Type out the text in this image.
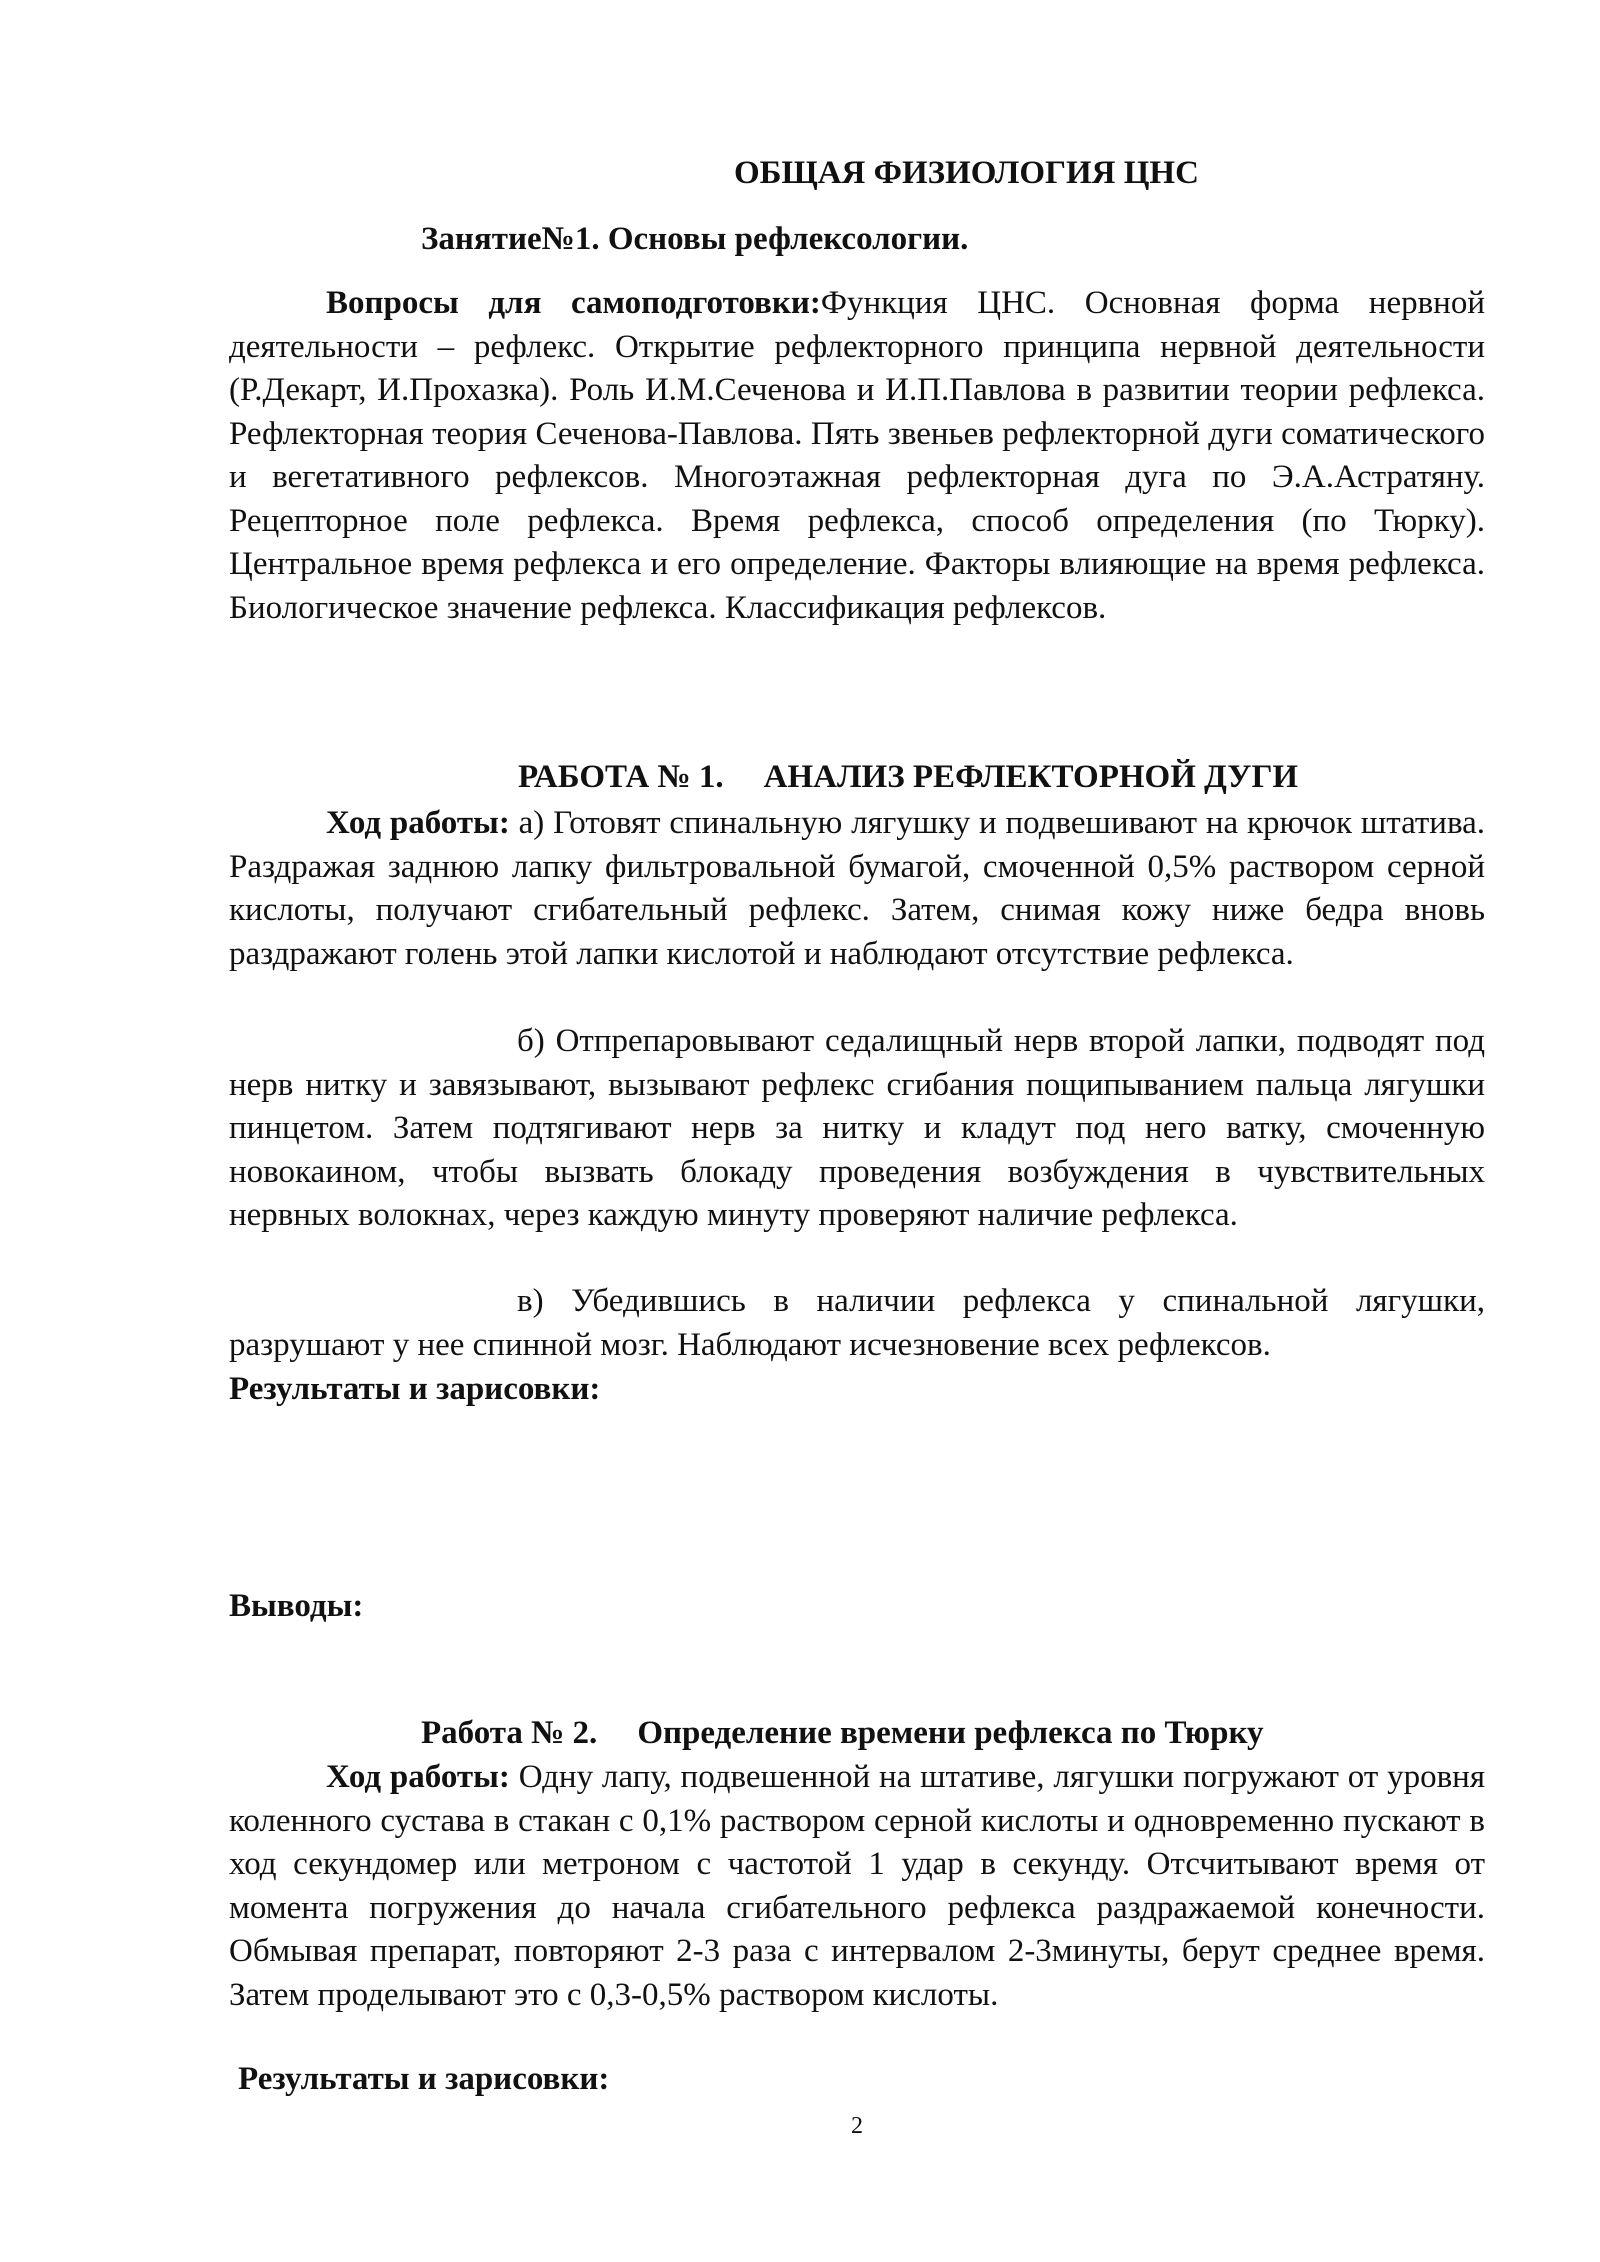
ОБЩАЯ ФИЗИОЛОГИЯ ЦНС

Занятие№1. Основы рефлексологии.

Вопросы для самоподготовки:Функция ЦНС. Основная форма нервной деятельности – рефлекс. Открытие рефлекторного принципа нервной деятельности (Р.Декарт, И.Прохазка). Роль И.М.Сеченова и И.П.Павлова в развитии теории рефлекса. Рефлекторная теория Сеченова-Павлова. Пять звеньев рефлекторной дуги соматического и вегетативного рефлексов. Многоэтажная рефлекторная дуга по Э.А.Астратяну. Рецепторное поле рефлекса. Время рефлекса, способ определения (по Тюрку). Центральное время рефлекса и его определение. Факторы влияющие на время рефлекса. Биологическое значение рефлекса. Классификация рефлексов.

РАБОТА № 1. АНАЛИЗ РЕФЛЕКТОРНОЙ ДУГИ

Ход работы: а) Готовят спинальную лягушку и подвешивают на крючок штатива. Раздражая заднюю лапку фильтровальной бумагой, смоченной 0,5% раствором серной кислоты, получают сгибательный рефлекс. Затем, снимая кожу ниже бедра вновь раздражают голень этой лапки кислотой и наблюдают отсутствие рефлекса.

б) Отпрепаровывают седалищный нерв второй лапки, подводят под нерв нитку и завязывают, вызывают рефлекс сгибания пощипыванием пальца лягушки пинцетом. Затем подтягивают нерв за нитку и кладут под него ватку, смоченную новокаином, чтобы вызвать блокаду проведения возбуждения в чувствительных нервных волокнах, через каждую минуту проверяют наличие рефлекса.

в) Убедившись в наличии рефлекса у спинальной лягушки, разрушают у нее спинной мозг. Наблюдают исчезновение всех рефлексов.

Результаты и зарисовки:

Выводы:

Работа № 2. Определение времени рефлекса по Тюрку

Ход работы: Одну лапу, подвешенной на штативе, лягушки погружают от уровня коленного сустава в стакан с 0,1% раствором серной кислоты и одновременно пускают в ход секундомер или метроном с частотой 1 удар в секунду. Отсчитывают время от момента погружения до начала сгибательного рефлекса раздражаемой конечности. Обмывая препарат, повторяют 2-3 раза с интервалом 2-3минуты, берут среднее время. Затем проделывают это с 0,3-0,5% раствором кислоты.

Результаты и зарисовки:

2
